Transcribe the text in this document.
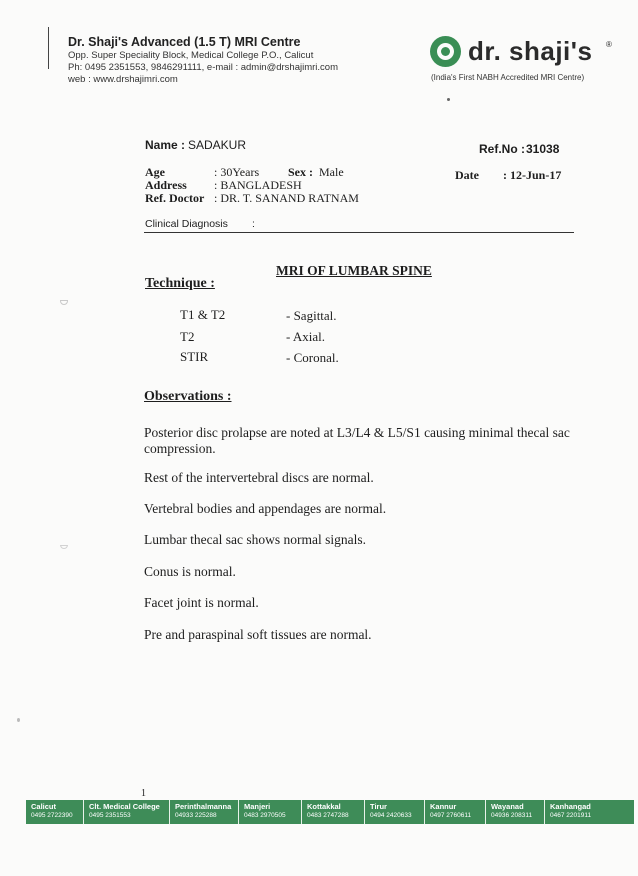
Dr. Shaji's Advanced (1.5 T) MRI Centre
Opp. Super Speciality Block, Medical College P.O., Calicut
Ph: 0495 2351553, 9846291111, e-mail : admin@drshajimri.com
web : www.drshajimri.com
dr. shaji's ®
(India's First NABH Accredited MRI Centre)
Name : SADAKUR	Ref.No : 31038
Age	: 30Years Sex : Male	Date : 12-Jun-17
Address : BANGLADESH
Ref. Doctor : DR. T. SANAND RATNAM
Clinical Diagnosis :
MRI OF LUMBAR SPINE
Technique :
T1 & T2	- Sagittal.
T2	- Axial.
STIR	- Coronal.
Observations :
Posterior disc prolapse are noted at L3/L4 & L5/S1 causing minimal thecal sac compression.
Rest of the intervertebral discs are normal.
Vertebral bodies and appendages are normal.
Lumbar thecal sac shows normal signals.
Conus is normal.
Facet joint is normal.
Pre and paraspinal soft tissues are normal.
1
Calicut
0495 2722390
Clt. Medical College
0495 2351553
Perinthalmanna
04933 225288
Manjeri
0483 2970505
Kottakkal
0483 2747288
Tirur
0494 2420633
Kannur
0497 2760611
Wayanad
04936 208311
Kanhangad
0467 2201911
